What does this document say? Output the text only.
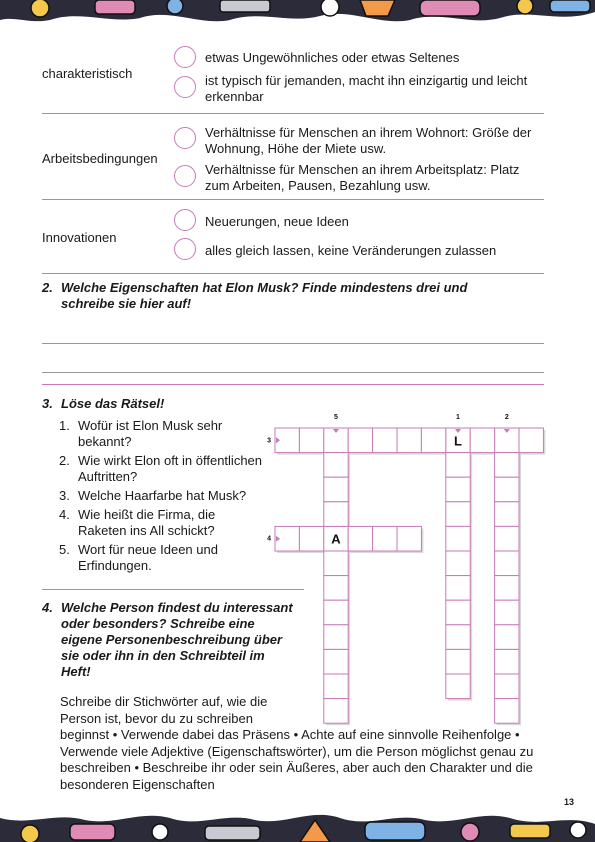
charakteristisch
etwas Ungewöhnliches oder etwas Seltenes
ist typisch für jemanden, macht ihn einzigartig und leicht erkennbar
Arbeitsbedingungen
Verhältnisse für Menschen an ihrem Wohnort: Größe der Wohnung, Höhe der Miete usw.
Verhältnisse für Menschen an ihrem Arbeitsplatz: Platz zum Arbeiten, Pausen, Bezahlung usw.
Innovationen
Neuerungen, neue Ideen
alles gleich lassen, keine Veränderungen zulassen
2. Welche Eigenschaften hat Elon Musk? Finde mindestens drei und schreibe sie hier auf!
3. Löse das Rätsel!
1. Wofür ist Elon Musk sehr bekannt?
2. Wie wirkt Elon oft in öffentlichen Auftritten?
3. Welche Haarfarbe hat Musk?
4. Wie heißt die Firma, die Raketen ins All schickt?
5. Wort für neue Ideen und Erfindungen.
L
A
1	2
3
4
5
4. Welche Person findest du interessant oder besonders? Schreibe eine eigene Personenbeschreibung über sie oder ihn in den Schreibteil im Heft!
Schreibe dir Stichwörter auf, wie die Person ist, bevor du zu schreiben
beginnst • Verwende dabei das Präsens • Achte auf eine sinnvolle Reihenfolge • Verwende viele Adjektive (Eigenschaftswörter), um die Person möglichst genau zu beschreiben • Beschreibe ihr oder sein Äußeres, aber auch den Charakter und die besonderen Eigenschaften
13
